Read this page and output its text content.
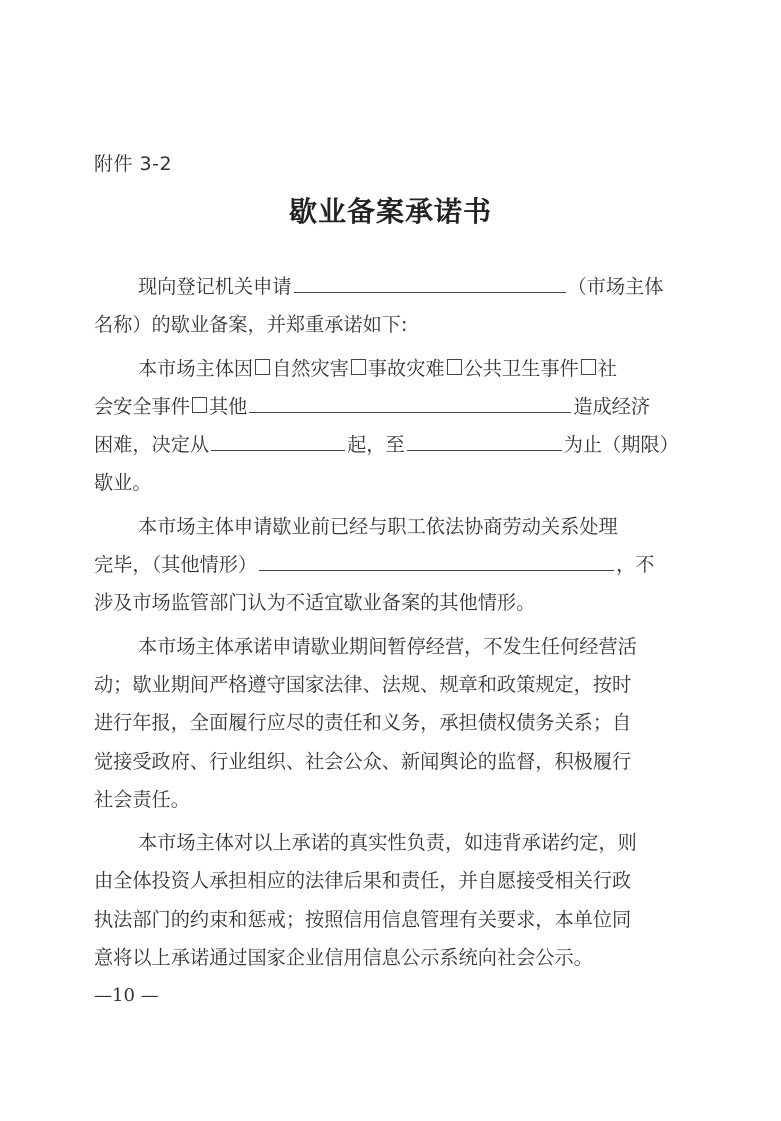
附件 3-2
歇业备案承诺书
现向登记机关申请	（市场主体
名称）的歇业备案，并郑重承诺如下:
本市场主体因 自然灾害 事故灾难 公共卫生事件 社
会安全事件 其他	造成经济
困难，决定从	起，至	为止（期限）
歇业。
本市场主体申请歇业前已经与职工依法协商劳动关系处理
完毕，（其他情形）	，不
涉及市场监管部门认为不适宜歇业备案的其他情形。
本市场主体承诺申请歇业期间暂停经营，不发生任何经营活
动；歇业期间严格遵守国家法律、法规、规章和政策规定，按时
进行年报，全面履行应尽的责任和义务，承担债权债务关系；自
觉接受政府、行业组织、社会公众、新闻舆论的监督，积极履行
社会责任。
本市场主体对以上承诺的真实性负责，如违背承诺约定，则
由全体投资人承担相应的法律后果和责任，并自愿接受相关行政
执法部门的约束和惩戒；按照信用信息管理有关要求，本单位同
意将以上承诺通过国家企业信用信息公示系统向社会公示。
—10 —
